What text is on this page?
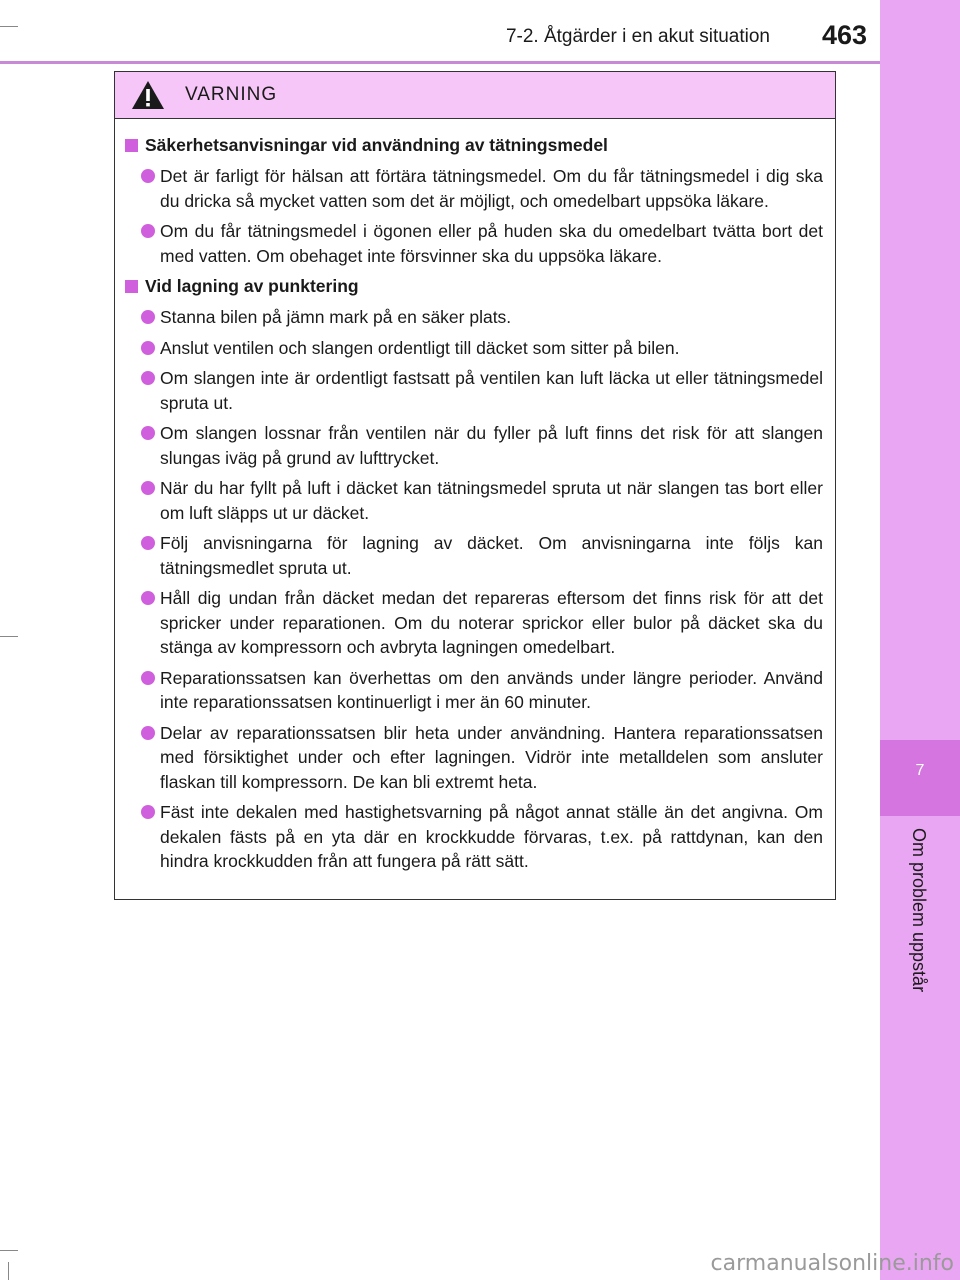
7
Om problem uppstår
7-2. Åtgärder i en akut situation 463
VARNING
Säkerhetsanvisningar vid användning av tätningsmedel
Det är farligt för hälsan att förtära tätningsmedel. Om du får tätningsmedel i dig ska du dricka så mycket vatten som det är möjligt, och omedelbart uppsöka läkare.
Om du får tätningsmedel i ögonen eller på huden ska du omedelbart tvätta bort det med vatten. Om obehaget inte försvinner ska du uppsöka läkare.
Vid lagning av punktering
Stanna bilen på jämn mark på en säker plats.
Anslut ventilen och slangen ordentligt till däcket som sitter på bilen.
Om slangen inte är ordentligt fastsatt på ventilen kan luft läcka ut eller tätningsmedel spruta ut.
Om slangen lossnar från ventilen när du fyller på luft finns det risk för att slangen slungas iväg på grund av lufttrycket.
När du har fyllt på luft i däcket kan tätningsmedel spruta ut när slangen tas bort eller om luft släpps ut ur däcket.
Följ anvisningarna för lagning av däcket. Om anvisningarna inte följs kan tätningsmedlet spruta ut.
Håll dig undan från däcket medan det repareras eftersom det finns risk för att det spricker under reparationen. Om du noterar sprickor eller bulor på däcket ska du stänga av kompressorn och avbryta lagningen omedelbart.
Reparationssatsen kan överhettas om den används under längre perioder. Använd inte reparationssatsen kontinuerligt i mer än 60 minuter.
Delar av reparationssatsen blir heta under användning. Hantera reparationssatsen med försiktighet under och efter lagningen. Vidrör inte metalldelen som ansluter flaskan till kompressorn. De kan bli extremt heta.
Fäst inte dekalen med hastighetsvarning på något annat ställe än det angivna. Om dekalen fästs på en yta där en krockkudde förvaras, t.ex. på rattdynan, kan den hindra krockkudden från att fungera på rätt sätt.
carmanualsonline.info
